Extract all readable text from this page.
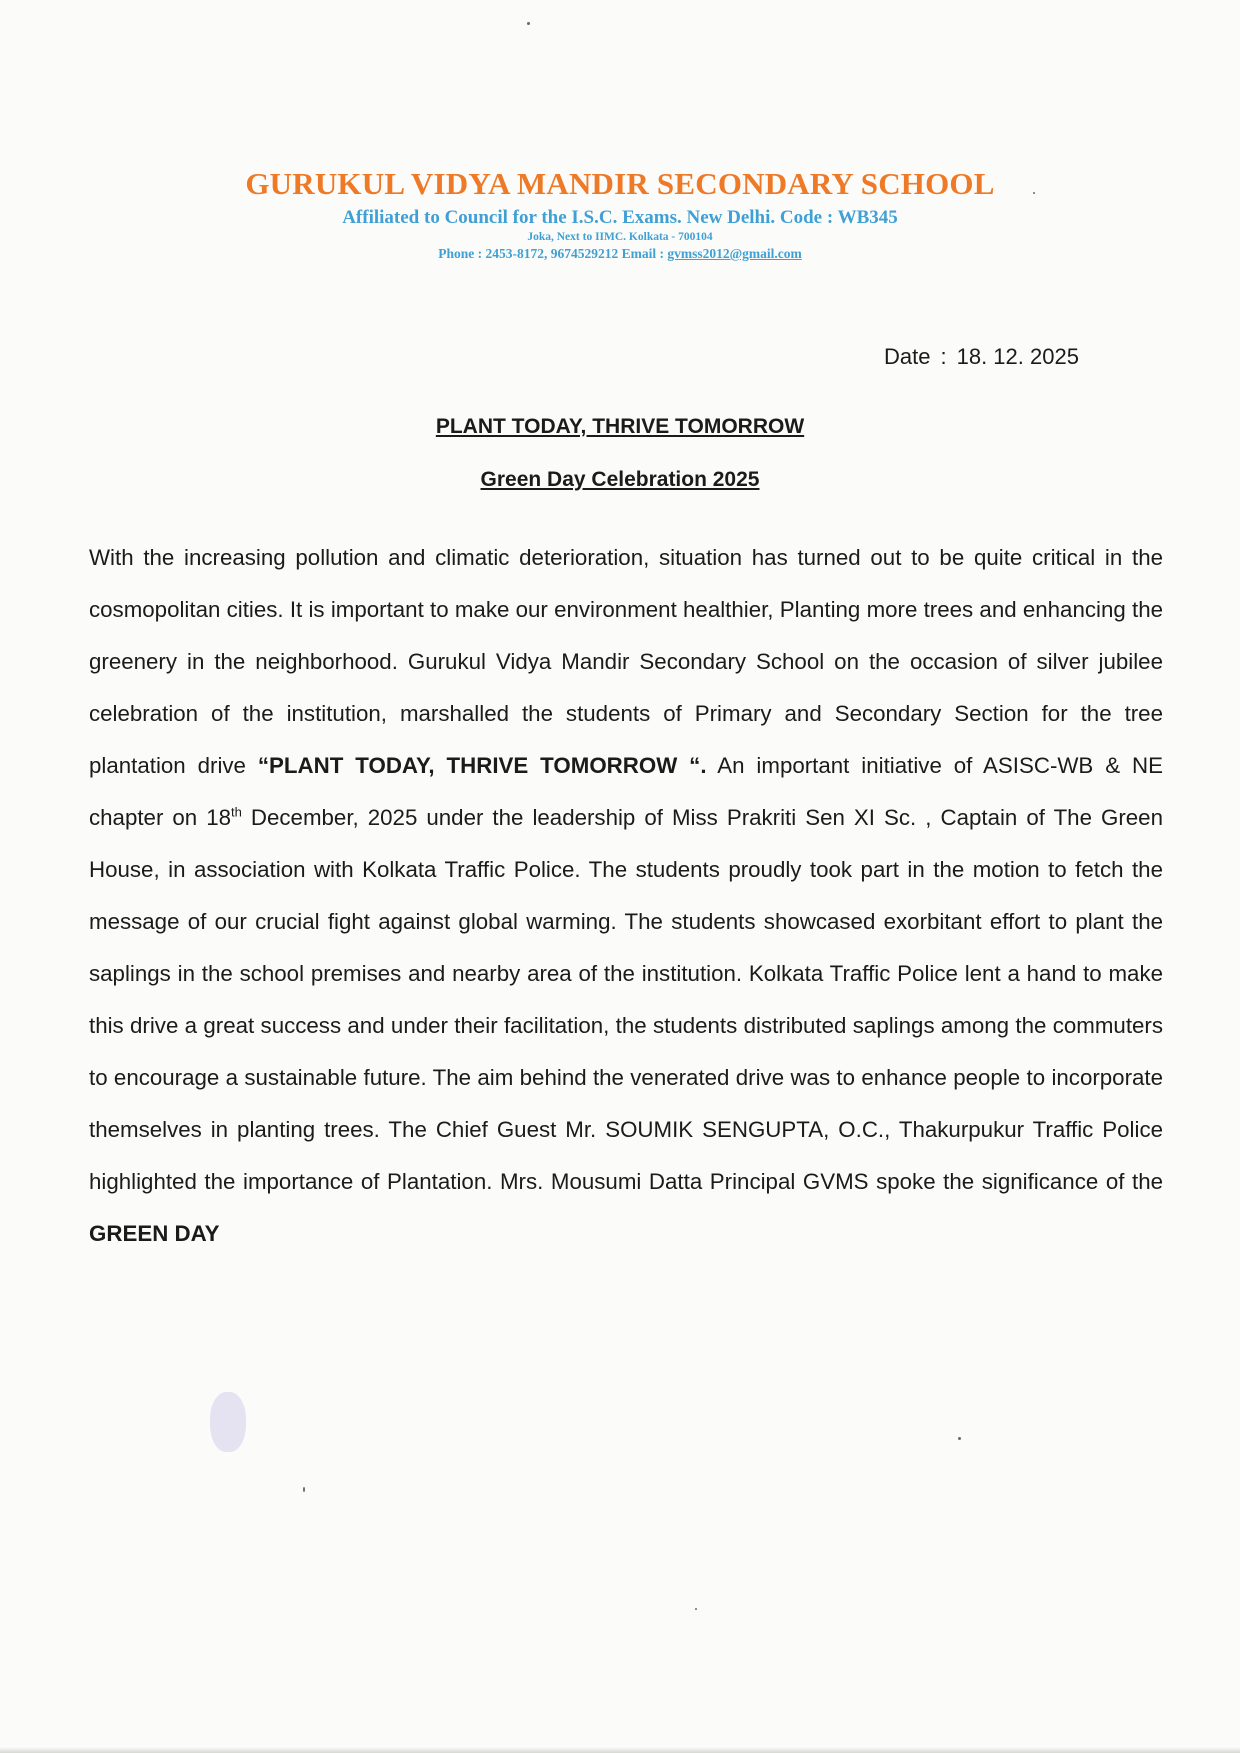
GURUKUL VIDYA MANDIR SECONDARY SCHOOL
Affiliated to Council for the I.S.C. Exams. New Delhi. Code : WB345
Joka, Next to IIMC. Kolkata - 700104
Phone : 2453-8172, 9674529212 Email : gvmss2012@gmail.com
Date : 18. 12. 2025
PLANT TODAY, THRIVE TOMORROW
Green Day Celebration 2025

With the increasing pollution and climatic deterioration, situation has turned out to be quite critical in the cosmopolitan cities. It is important to make our environment healthier, Planting more trees and enhancing the greenery in the neighborhood. Gurukul Vidya Mandir Secondary School on the occasion of silver jubilee celebration of the institution, marshalled the students of Primary and Secondary Section for the tree plantation drive “PLANT TODAY, THRIVE TOMORROW “. An important initiative of ASISC-WB & NE chapter on 18th December, 2025 under the leadership of Miss Prakriti Sen XI Sc. , Captain of The Green House, in association with Kolkata Traffic Police. The students proudly took part in the motion to fetch the message of our crucial fight against global warming. The students showcased exorbitant effort to plant the saplings in the school premises and nearby area of the institution. Kolkata Traffic Police lent a hand to make this drive a great success and under their facilitation, the students distributed saplings among the commuters to encourage a sustainable future. The aim behind the venerated drive was to enhance people to incorporate themselves in planting trees. The Chief Guest Mr. SOUMIK SENGUPTA, O.C., Thakurpukur Traffic Police highlighted the importance of Plantation. Mrs. Mousumi Datta Principal GVMS spoke the significance of the GREEN DAY
